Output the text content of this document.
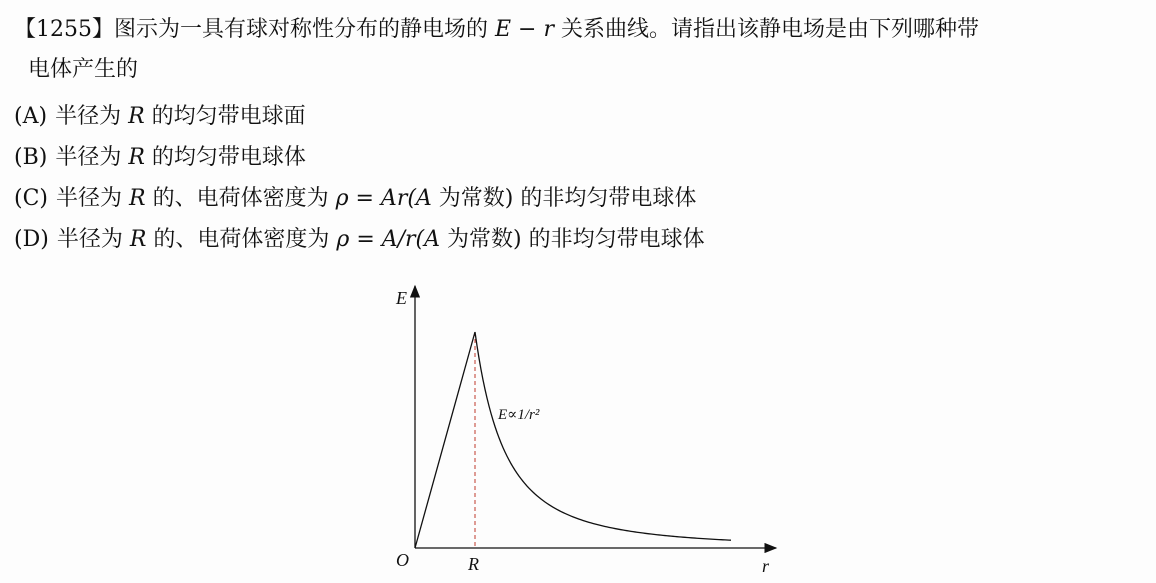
【1255】图示为一具有球对称性分布的静电场的 E − r 关系曲线。请指出该静电场是由下列哪种带
电体产生的
(A) 半径为 R 的均匀带电球面
(B) 半径为 R 的均匀带电球体
(C) 半径为 R 的、电荷体密度为 ρ = Ar(A 为常数) 的非均匀带电球体
(D) 半径为 R 的、电荷体密度为 ρ = A/r(A 为常数) 的非均匀带电球体
E
r
O	R
E∝1/r²
